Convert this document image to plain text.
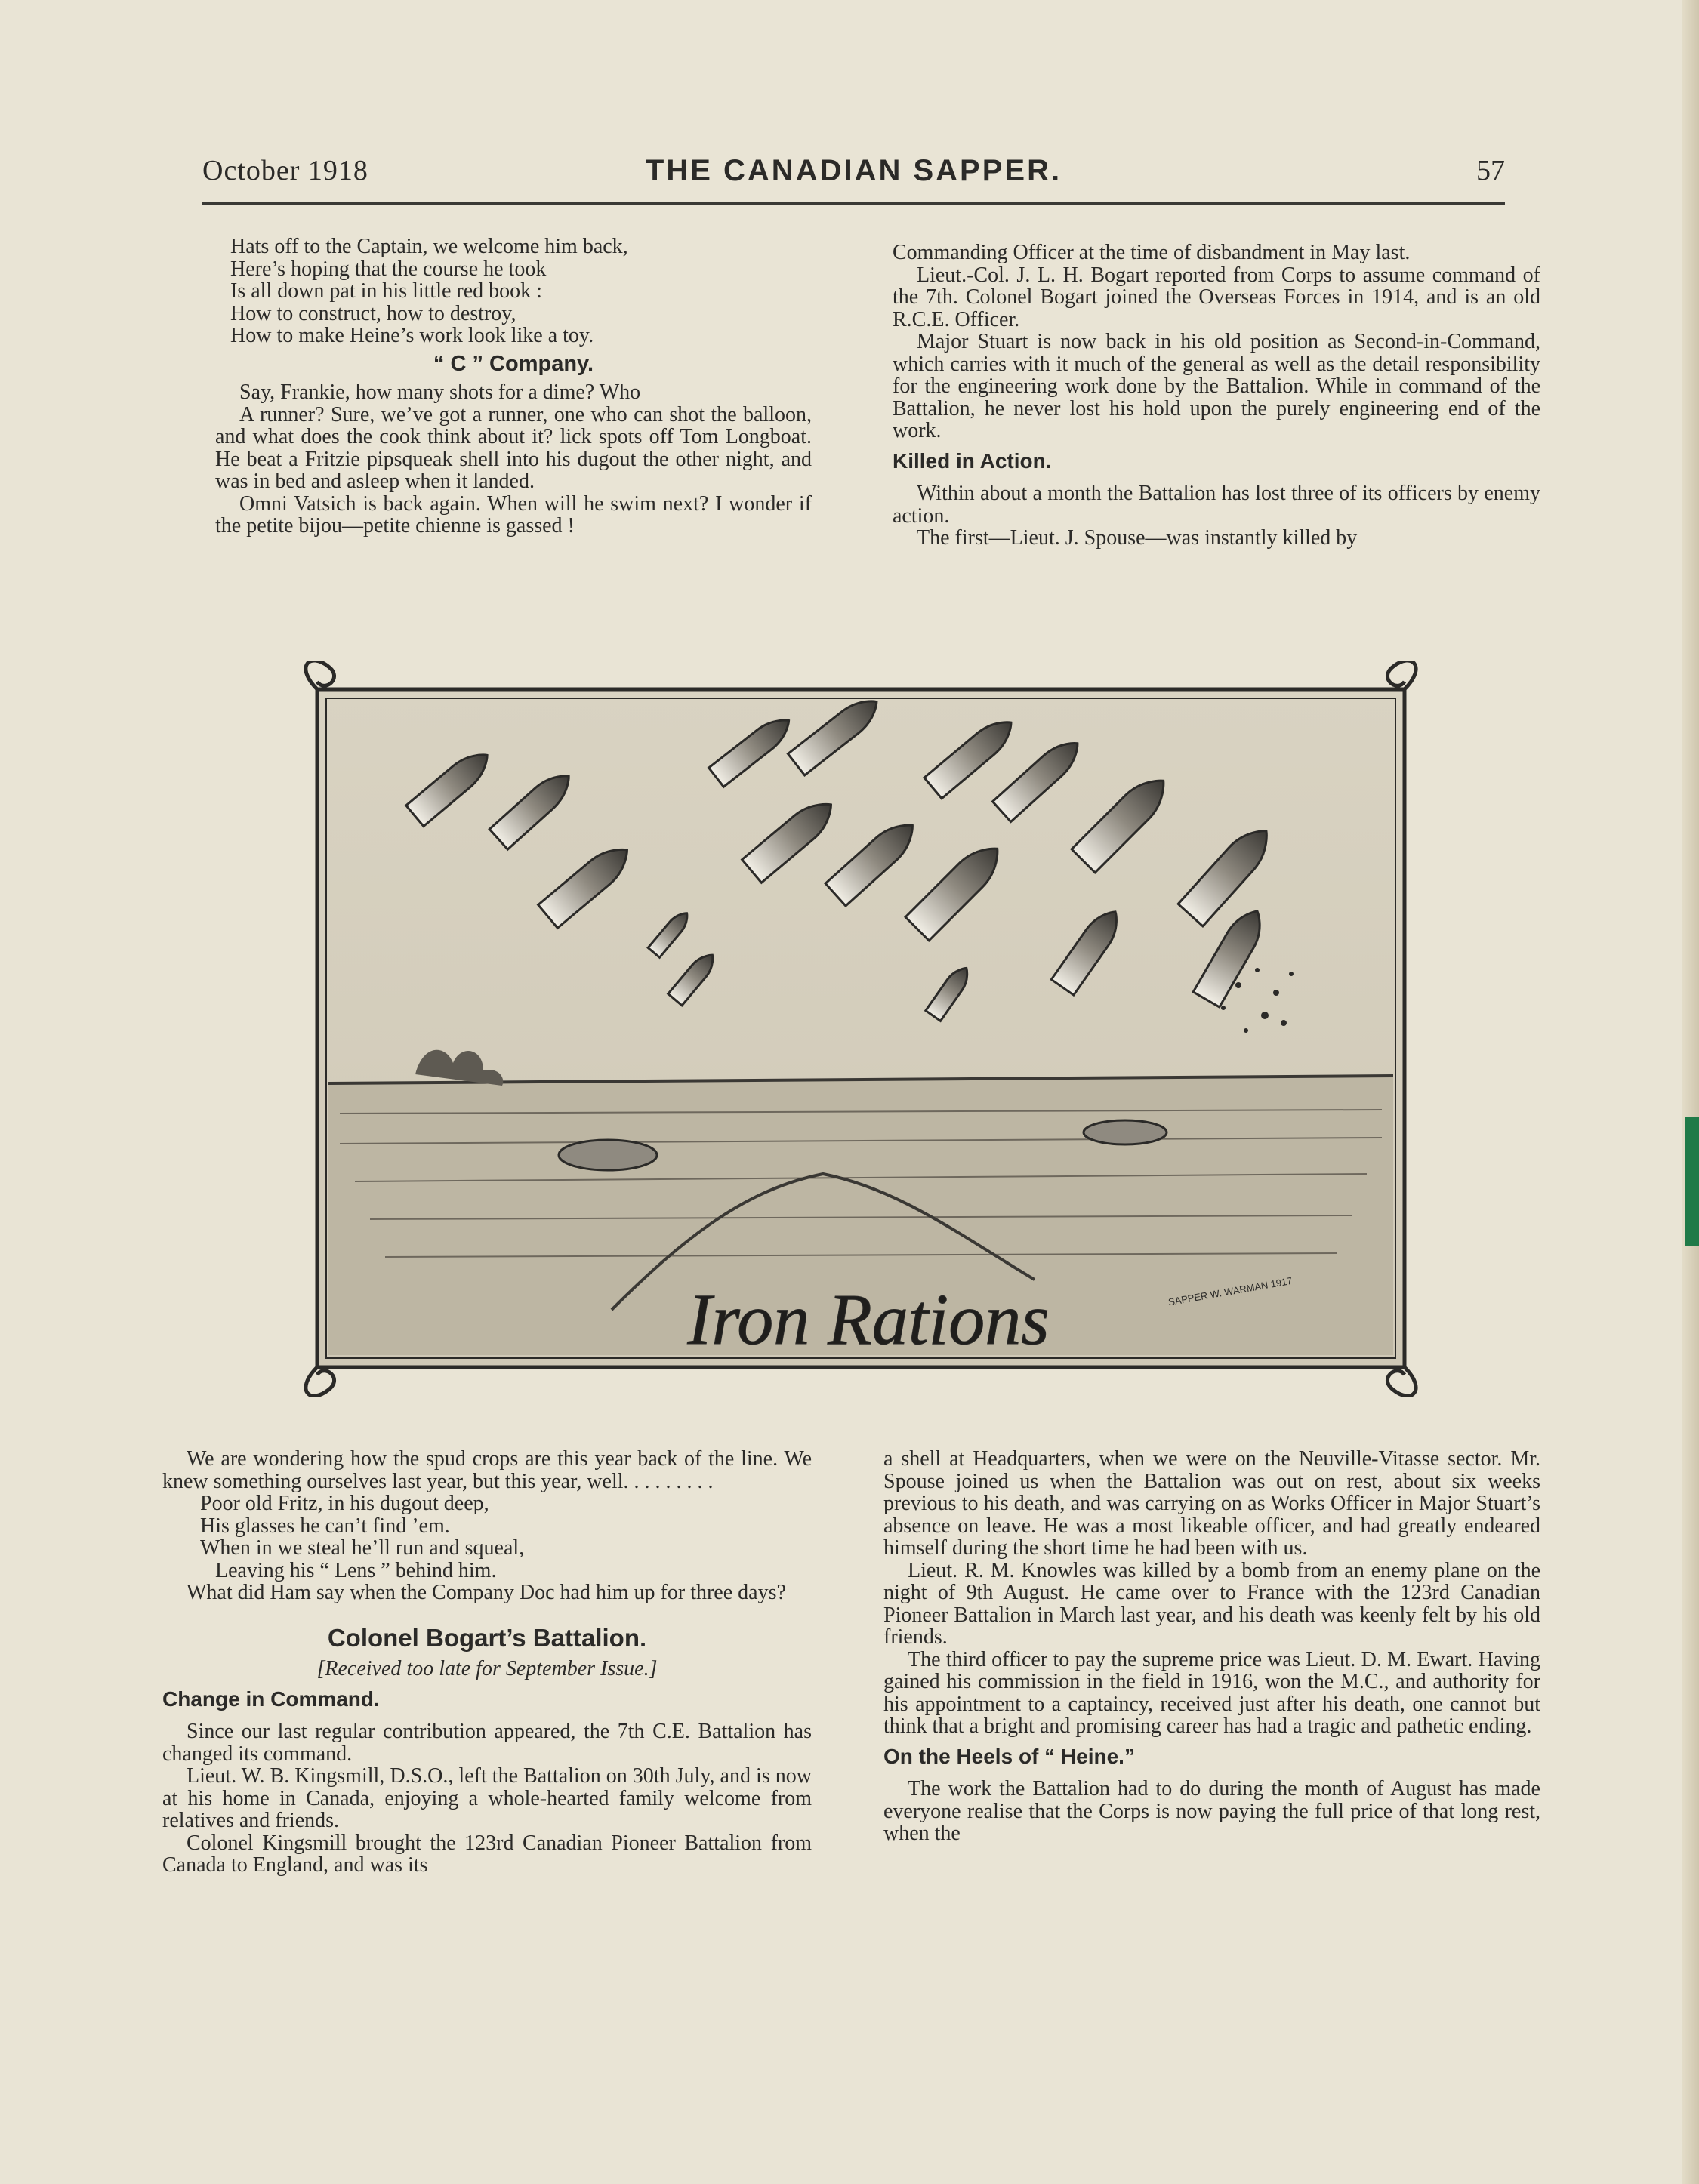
October 1918	THE CANADIAN SAPPER.	57

Hats off to the Captain, we welcome him back,

Here’s hoping that the course he took

Is all down pat in his little red book :

How to construct, how to destroy,

How to make Heine’s work look like a toy.

“ C ” Company.

Say, Frankie, how many shots for a dime? Who

A runner? Sure, we’ve got a runner, one who can shot the balloon, and what does the cook think about it? lick spots off Tom Longboat. He beat a Fritzie pipsqueak shell into his dugout the other night, and was in bed and asleep when it landed.

Omni Vatsich is back again. When will he swim next? I wonder if the petite bijou—petite chienne is gassed !

Commanding Officer at the time of disbandment in May last.

Lieut.-Col. J. L. H. Bogart reported from Corps to assume command of the 7th. Colonel Bogart joined the Overseas Forces in 1914, and is an old R.C.E. Officer.

Major Stuart is now back in his old position as Second-in-Command, which carries with it much of the general as well as the detail responsibility for the engineering work done by the Battalion. While in command of the Battalion, he never lost his hold upon the purely engineering end of the work.

Killed in Action.

Within about a month the Battalion has lost three of its officers by enemy action.

The first—Lieut. J. Spouse—was instantly killed by

Iron Rations	SAPPER W. WARMAN 1917

We are wondering how the spud crops are this year back of the line. We knew something ourselves last year, but this year, well. . . . . . . . .

Poor old Fritz, in his dugout deep,

His glasses he can’t find ’em.

When in we steal he’ll run and squeal,

Leaving his “ Lens ” behind him.

What did Ham say when the Company Doc had him up for three days?

Colonel Bogart’s Battalion.
[Received too late for September Issue.]
Change in Command.

Since our last regular contribution appeared, the 7th C.E. Battalion has changed its command.

Lieut. W. B. Kingsmill, D.S.O., left the Battalion on 30th July, and is now at his home in Canada, enjoying a whole-hearted family welcome from relatives and friends.

Colonel Kingsmill brought the 123rd Canadian Pioneer Battalion from Canada to England, and was its

a shell at Headquarters, when we were on the Neuville-Vitasse sector. Mr. Spouse joined us when the Battalion was out on rest, about six weeks previous to his death, and was carrying on as Works Officer in Major Stuart’s absence on leave. He was a most likeable officer, and had greatly endeared himself during the short time he had been with us.

Lieut. R. M. Knowles was killed by a bomb from an enemy plane on the night of 9th August. He came over to France with the 123rd Canadian Pioneer Battalion in March last year, and his death was keenly felt by his old friends.

The third officer to pay the supreme price was Lieut. D. M. Ewart. Having gained his commission in the field in 1916, won the M.C., and authority for his appointment to a captaincy, received just after his death, one cannot but think that a bright and promising career has had a tragic and pathetic ending.

On the Heels of “ Heine.”

The work the Battalion had to do during the month of August has made everyone realise that the Corps is now paying the full price of that long rest, when the
